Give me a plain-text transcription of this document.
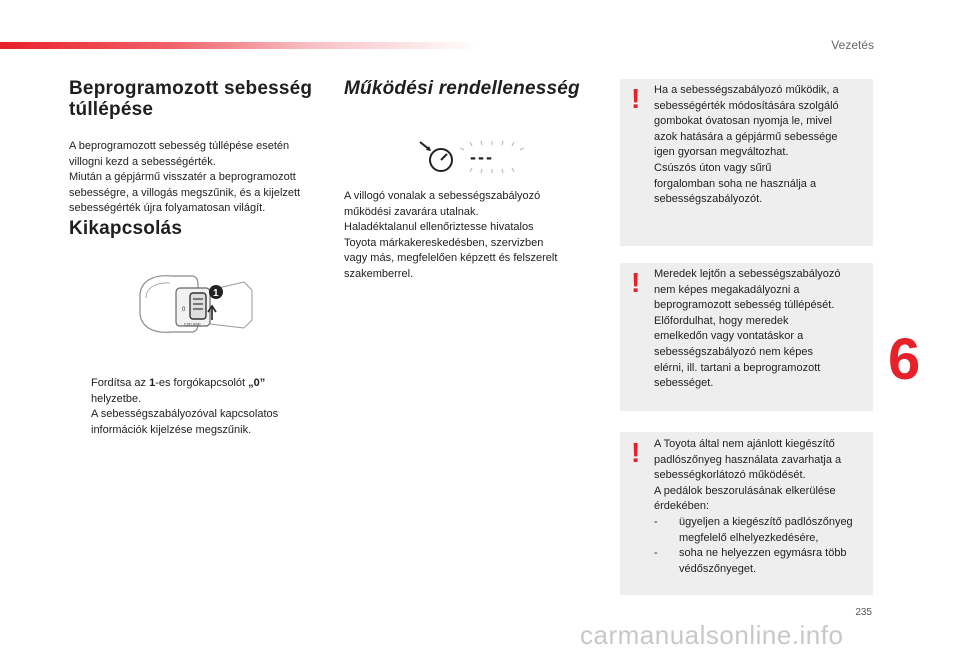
Vezetés
6
235
carmanualsonline.info
Beprogramozott sebesség
túllépése

A beprogramozott sebesség túllépése esetén
villogni kezd a sebességérték.
Miután a gépjármű visszatér a beprogramozott
sebességre, a villogás megszűnik, és a kijelzett
sebességérték újra folyamatosan világít.

Kikapcsolás
0
1
CRUISE

Fordítsa az 1-es forgókapcsolót „0”
helyzetbe.
A sebességszabályozóval kapcsolatos
információk kijelzése megszűnik.

Működési rendellenesség
---

A villogó vonalak a sebességszabályozó
működési zavarára utalnak.
Haladéktalanul ellenőriztesse hivatalos
Toyota márkakereskedésben, szervizben
vagy más, megfelelően képzett és felszerelt
szakemberrel.

! Ha a sebességszabályozó működik, a
sebességérték módosítására szolgáló
gombokat óvatosan nyomja le, mivel
azok hatására a gépjármű sebessége
igen gyorsan megváltozhat.
Csúszós úton vagy sűrű
forgalomban soha ne használja a
sebességszabályozót.
! Meredek lejtőn a sebességszabályozó
nem képes megakadályozni a
beprogramozott sebesség túllépését.
Előfordulhat, hogy meredek
emelkedőn vagy vontatáskor a
sebességszabályozó nem képes
elérni, ill. tartani a beprogramozott
sebességet.
! A Toyota által nem ajánlott kiegészítő
padlószőnyeg használata zavarhatja a
sebességkorlátozó működését.
A pedálok beszorulásának elkerülése
érdekében:
- ügyeljen a kiegészítő padlószőnyeg
megfelelő elhelyezkedésére,
- soha ne helyezzen egymásra több
védőszőnyeget.
